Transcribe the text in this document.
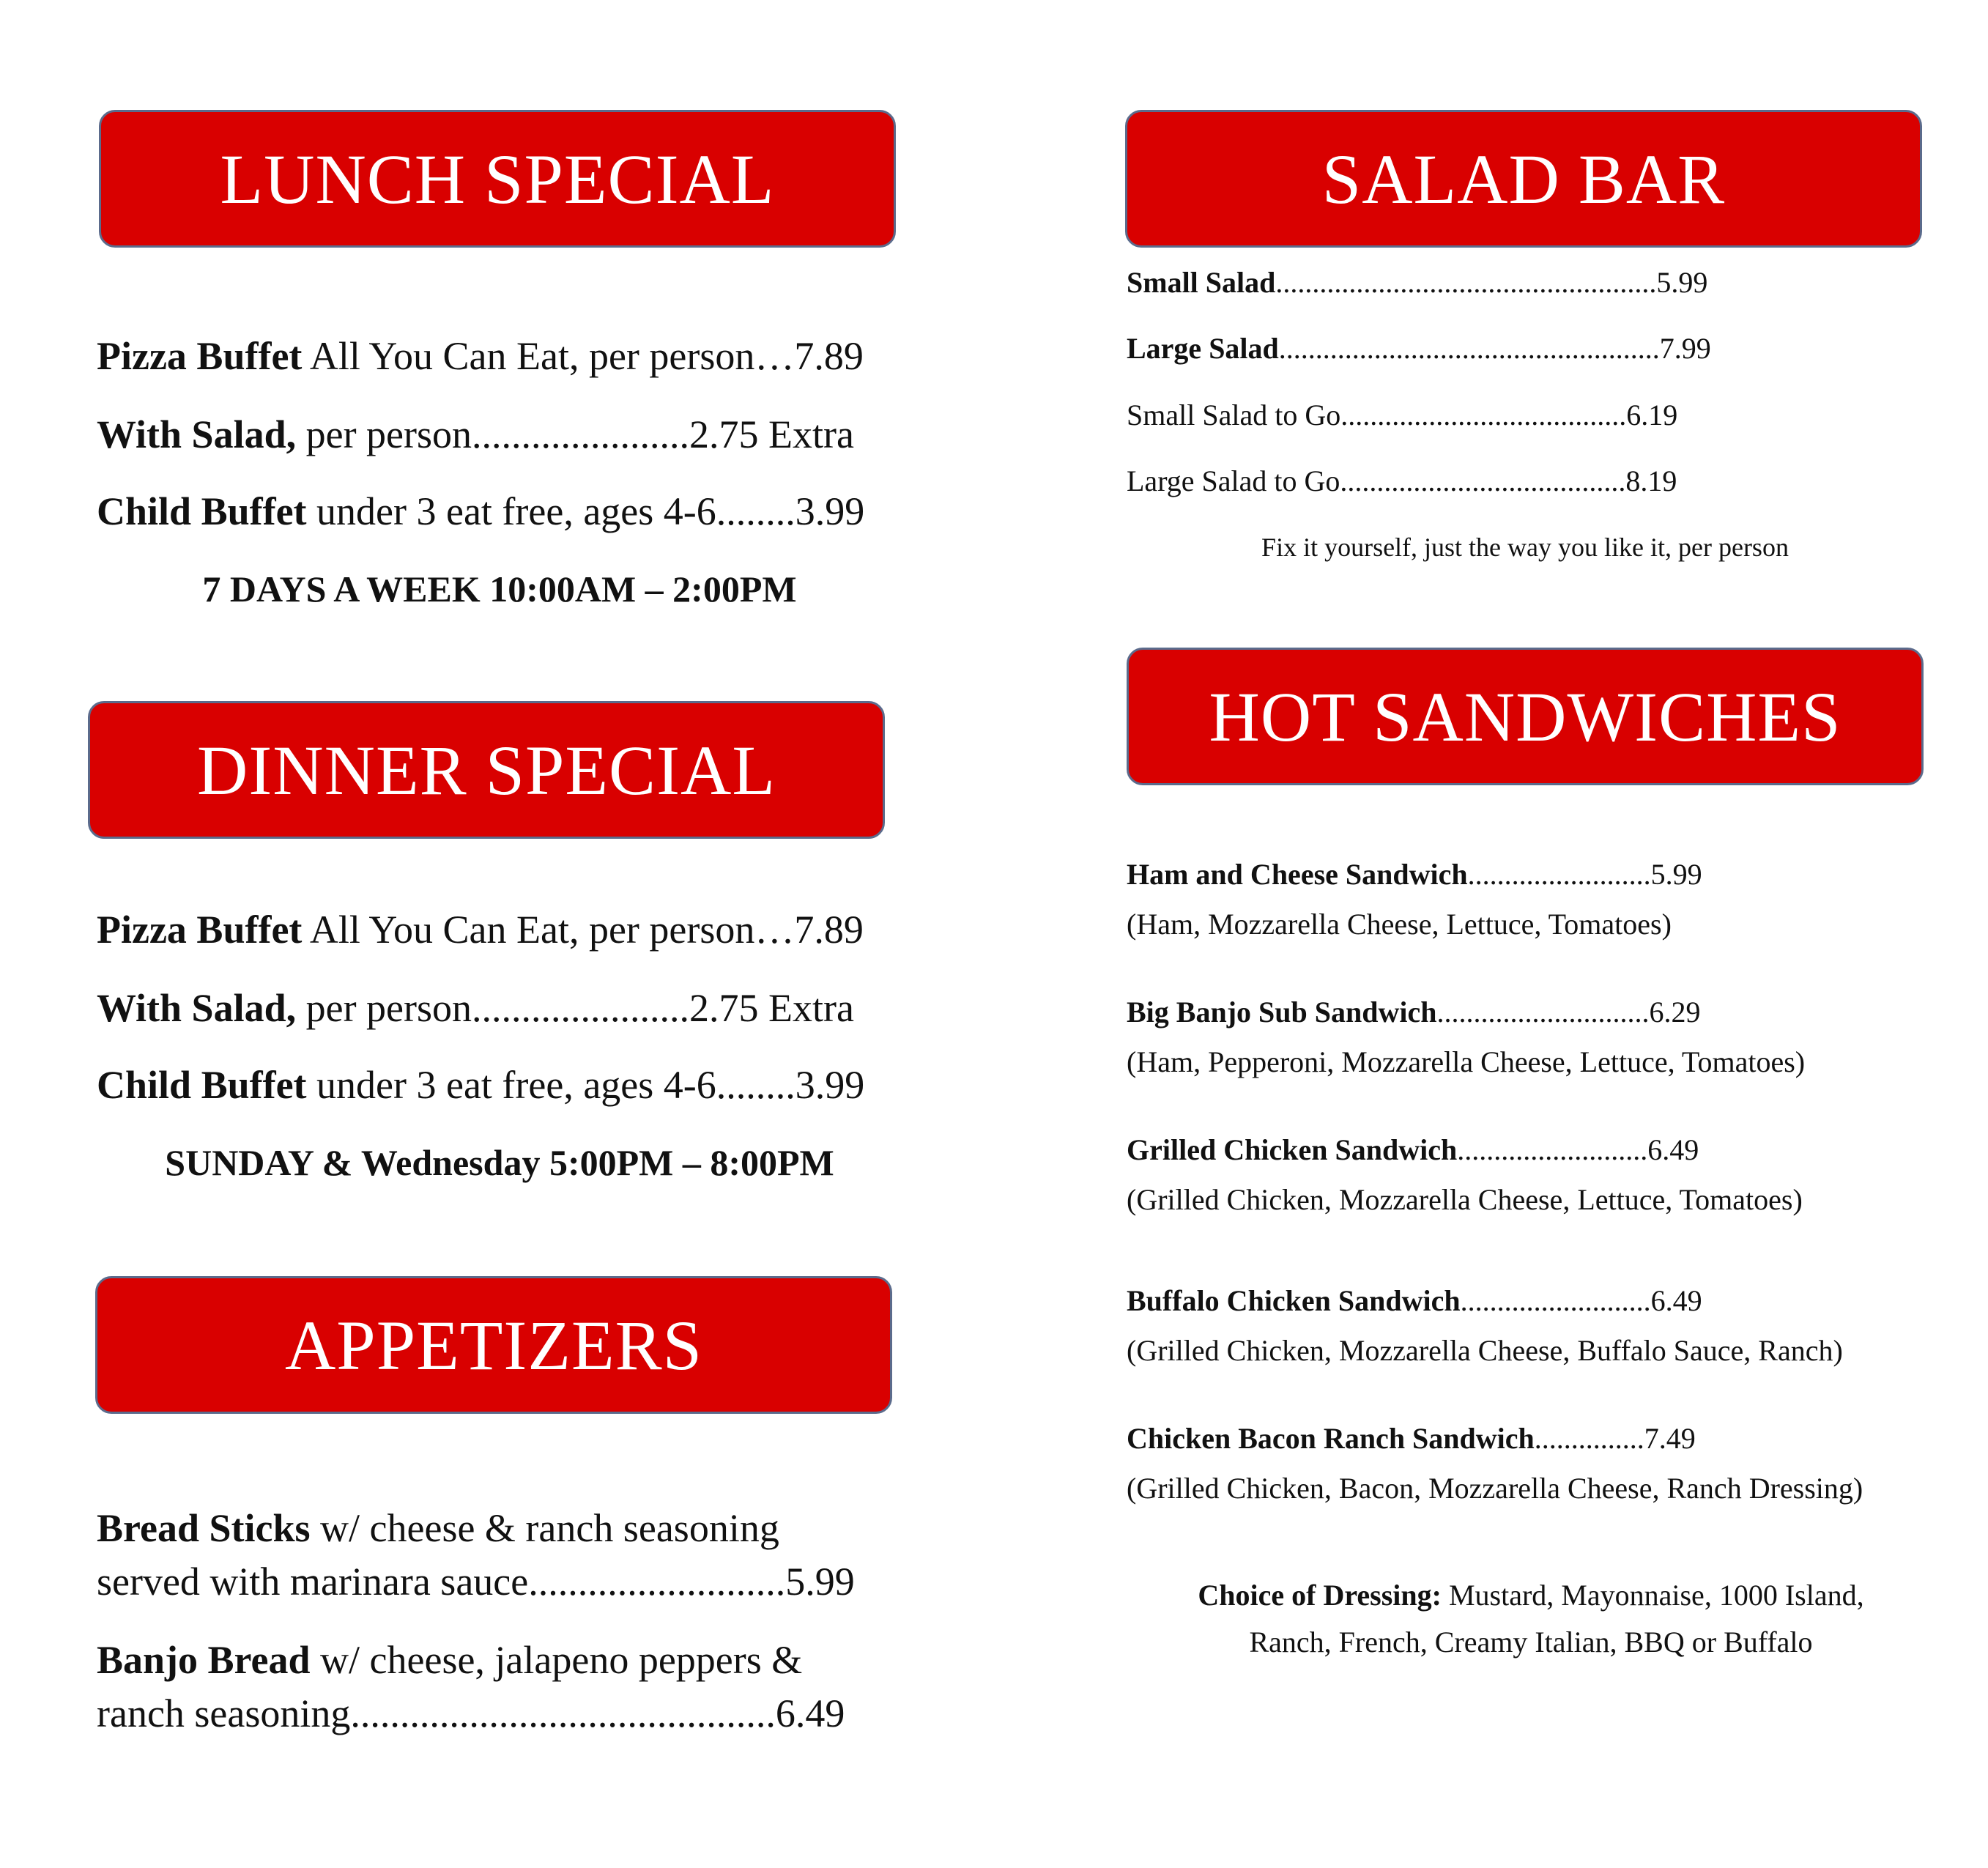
LUNCH SPECIAL
Pizza Buffet All You Can Eat, per person…7.89
With Salad, per person......................2.75 Extra
Child Buffet under 3 eat free, ages 4-6........3.99
7 DAYS A WEEK 10:00AM – 2:00PM
DINNER SPECIAL
Pizza Buffet All You Can Eat, per person…7.89
With Salad, per person......................2.75 Extra
Child Buffet under 3 eat free, ages 4-6........3.99
SUNDAY & Wednesday 5:00PM – 8:00PM
APPETIZERS
Bread Sticks w/ cheese & ranch seasoning
served with marinara sauce..........................5.99
Banjo Bread w/ cheese, jalapeno peppers &
ranch seasoning...........................................6.49
SALAD BAR
Small Salad....................................................5.99
Large Salad....................................................7.99
Small Salad to Go.......................................6.19
Large Salad to Go.......................................8.19
Fix it yourself, just the way you like it, per person
HOT SANDWICHES
Ham and Cheese Sandwich.........................5.99
(Ham, Mozzarella Cheese, Lettuce, Tomatoes)
Big Banjo Sub Sandwich.............................6.29
(Ham, Pepperoni, Mozzarella Cheese, Lettuce, Tomatoes)
Grilled Chicken Sandwich..........................6.49
(Grilled Chicken, Mozzarella Cheese, Lettuce, Tomatoes)
Buffalo Chicken Sandwich..........................6.49
(Grilled Chicken, Mozzarella Cheese, Buffalo Sauce, Ranch)
Chicken Bacon Ranch Sandwich...............7.49
(Grilled Chicken, Bacon, Mozzarella Cheese, Ranch Dressing)
Choice of Dressing: Mustard, Mayonnaise, 1000 Island,
Ranch, French, Creamy Italian, BBQ or Buffalo
